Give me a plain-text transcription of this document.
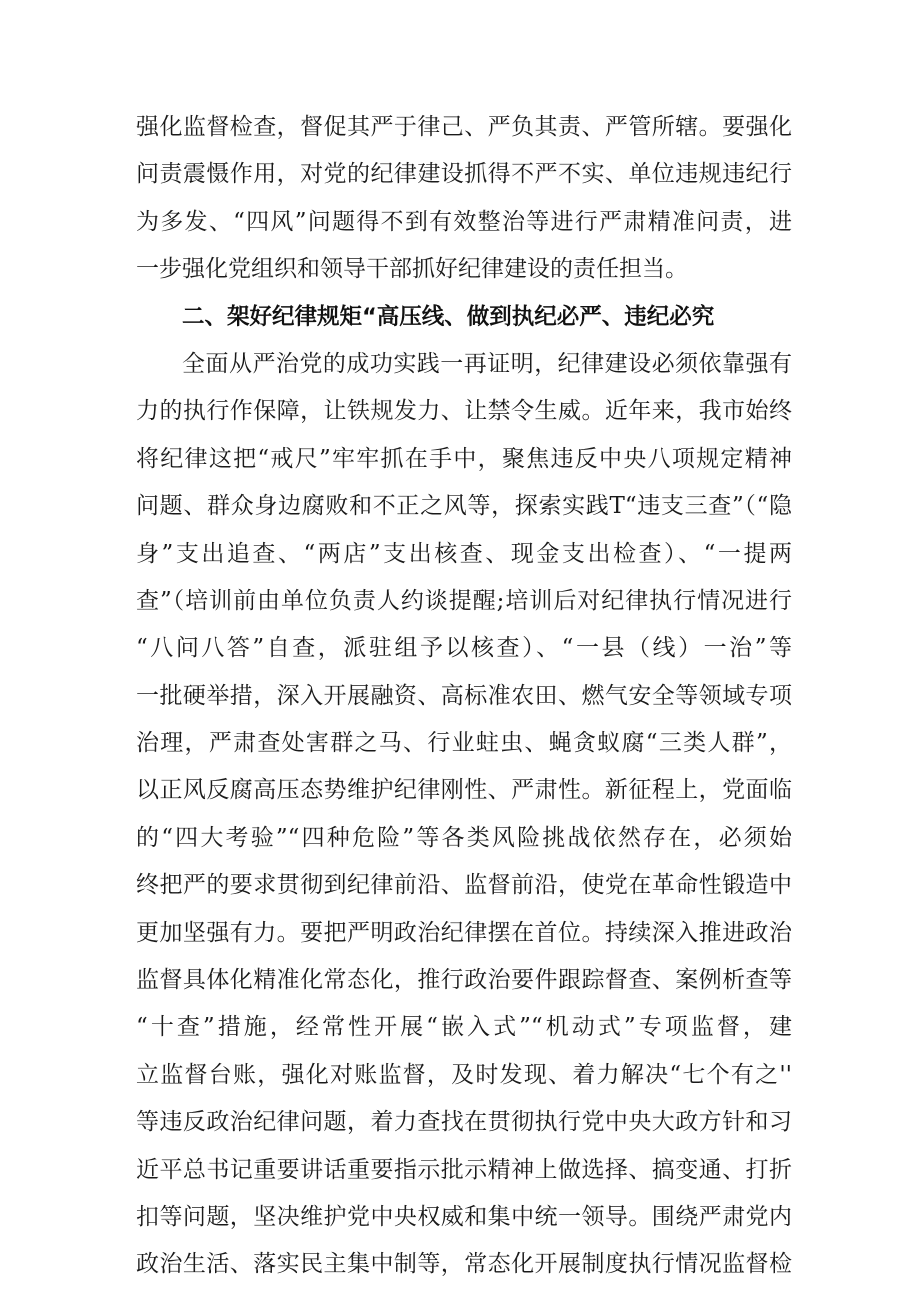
强化监督检查，督促其严于律己、严负其责、严管所辖。要强化
问责震慑作用，对党的纪律建设抓得不严不实、单位违规违纪行
为多发、“四风”问题得不到有效整治等进行严肃精准问责，进
一步强化党组织和领导干部抓好纪律建设的责任担当。
二、架好纪律规矩“高压线、做到执纪必严、违纪必究
全面从严治党的成功实践一再证明，纪律建设必须依靠强有
力的执行作保障，让铁规发力、让禁令生威。近年来，我市始终
将纪律这把“戒尺”牢牢抓在手中，聚焦违反中央八项规定精神
问题、群众身边腐败和不正之风等，探索实践T“违支三查”（“隐
身”支出追查、“两店”支出核查、现金支出检查）、“一提两
查”（培训前由单位负责人约谈提醒;培训后对纪律执行情况进行
“八问八答”自查，派驻组予以核查）、“一县（线）一治”等
一批硬举措，深入开展融资、高标准农田、燃气安全等领域专项
治理，严肃查处害群之马、行业蛀虫、蝇贪蚁腐“三类人群”，
以正风反腐高压态势维护纪律刚性、严肃性。新征程上，党面临
的“四大考验”“四种危险”等各类风险挑战依然存在，必须始
终把严的要求贯彻到纪律前沿、监督前沿，使党在革命性锻造中
更加坚强有力。要把严明政治纪律摆在首位。持续深入推进政治
监督具体化精准化常态化，推行政治要件跟踪督查、案例析查等
“十查”措施，经常性开展“嵌入式”“机动式”专项监督，建
立监督台账，强化对账监督，及时发现、着力解决“七个有之''
等违反政治纪律问题，着力查找在贯彻执行党中央大政方针和习
近平总书记重要讲话重要指示批示精神上做选择、搞变通、打折
扣等问题，坚决维护党中央权威和集中统一领导。围绕严肃党内
政治生活、落实民主集中制等，常态化开展制度执行情况监督检
